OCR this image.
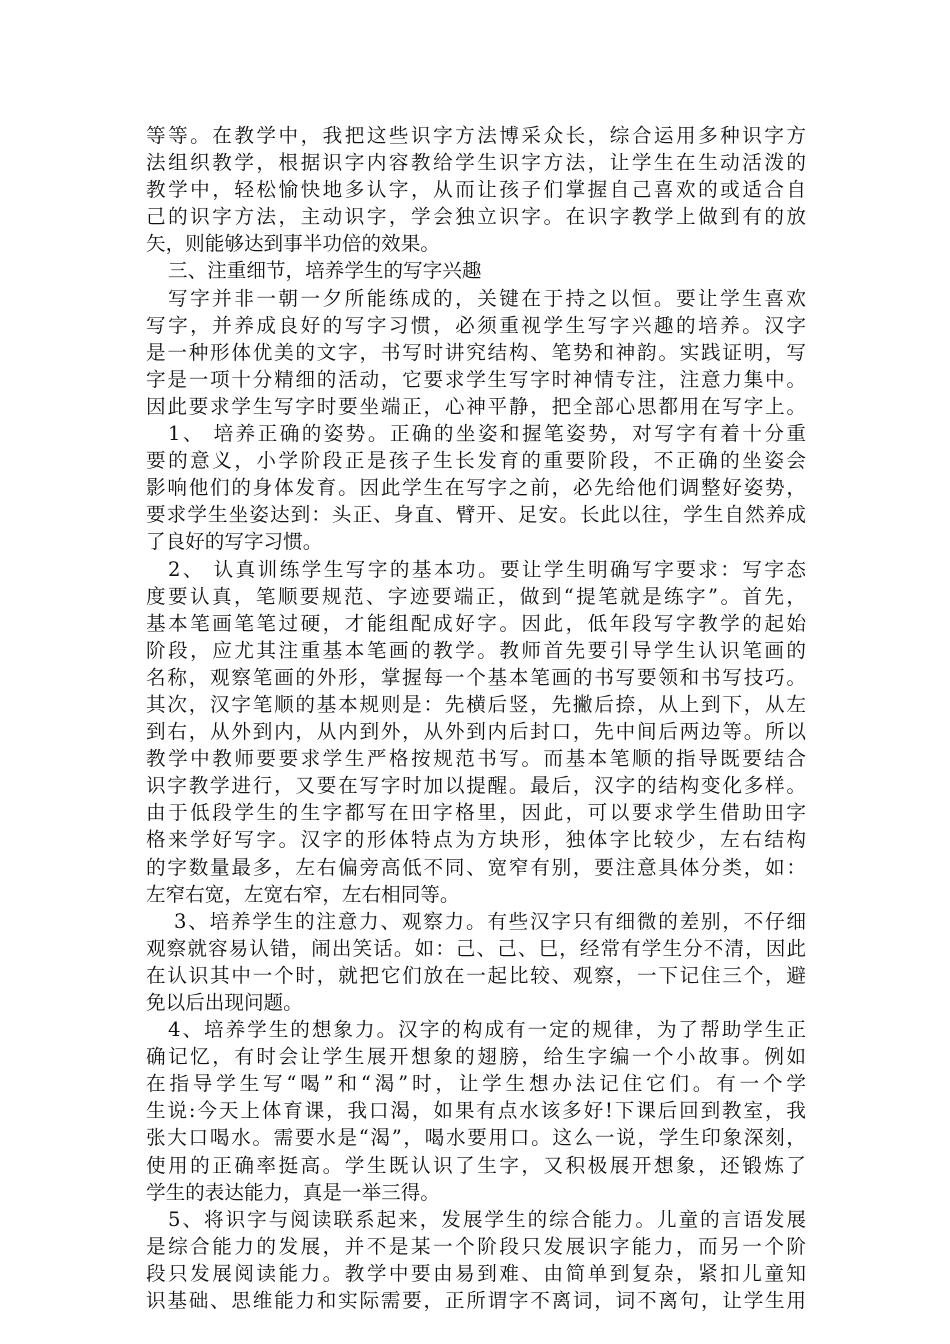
等等。在教学中，我把这些识字方法博采众长，综合运用多种识字方
法组织教学，根据识字内容教给学生识字方法，让学生在生动活泼的
教学中，轻松愉快地多认字，从而让孩子们掌握自己喜欢的或适合自
己的识字方法，主动识字，学会独立识字。在识字教学上做到有的放
矢，则能够达到事半功倍的效果。
三、注重细节，培养学生的写字兴趣
写字并非一朝一夕所能练成的，关键在于持之以恒。要让学生喜欢
写字，并养成良好的写字习惯，必须重视学生写字兴趣的培养。汉字
是一种形体优美的文字，书写时讲究结构、笔势和神韵。实践证明，写
字是一项十分精细的活动，它要求学生写字时神情专注，注意力集中。
因此要求学生写字时要坐端正，心神平静，把全部心思都用在写字上。
1、 培养正确的姿势。正确的坐姿和握笔姿势，对写字有着十分重
要的意义，小学阶段正是孩子生长发育的重要阶段，不正确的坐姿会
影响他们的身体发育。因此学生在写字之前，必先给他们调整好姿势，
要求学生坐姿达到：头正、身直、臂开、足安。长此以往，学生自然养成
了良好的写字习惯。
2、 认真训练学生写字的基本功。要让学生明确写字要求：写字态
度要认真，笔顺要规范、字迹要端正，做到“提笔就是练字”。首先，
基本笔画笔笔过硬，才能组配成好字。因此，低年段写字教学的起始
阶段，应尤其注重基本笔画的教学。教师首先要引导学生认识笔画的
名称，观察笔画的外形，掌握每一个基本笔画的书写要领和书写技巧。
其次，汉字笔顺的基本规则是：先横后竖，先撇后捺，从上到下，从左
到右，从外到内，从内到外，从外到内后封口，先中间后两边等。所以
教学中教师要要求学生严格按规范书写。而基本笔顺的指导既要结合
识字教学进行，又要在写字时加以提醒。最后，汉字的结构变化多样。
由于低段学生的生字都写在田字格里，因此，可以要求学生借助田字
格来学好写字。汉字的形体特点为方块形，独体字比较少，左右结构
的字数量最多，左右偏旁高低不同、宽窄有别，要注意具体分类，如：
左窄右宽，左宽右窄，左右相同等。
3、培养学生的注意力、观察力。有些汉字只有细微的差别，不仔细
观察就容易认错，闹出笑话。如：己、己、巳，经常有学生分不清，因此
在认识其中一个时，就把它们放在一起比较、观察，一下记住三个，避
免以后出现问题。
4、培养学生的想象力。汉字的构成有一定的规律，为了帮助学生正
确记忆，有时会让学生展开想象的翅膀，给生字编一个小故事。例如
在指导学生写“喝”和“渴”时，让学生想办法记住它们。有一个学
生说:今天上体育课，我口渴，如果有点水该多好!下课后回到教室，我
张大口喝水。需要水是“渴”，喝水要用口。这么一说，学生印象深刻，
使用的正确率挺高。学生既认识了生字，又积极展开想象，还锻炼了
学生的表达能力，真是一举三得。
5、将识字与阅读联系起来，发展学生的综合能力。儿童的言语发展
是综合能力的发展，并不是某一个阶段只发展识字能力，而另一个阶
段只发展阅读能力。教学中要由易到难、由简单到复杂，紧扣儿童知
识基础、思维能力和实际需要，正所谓字不离词，词不离句，让学生用
